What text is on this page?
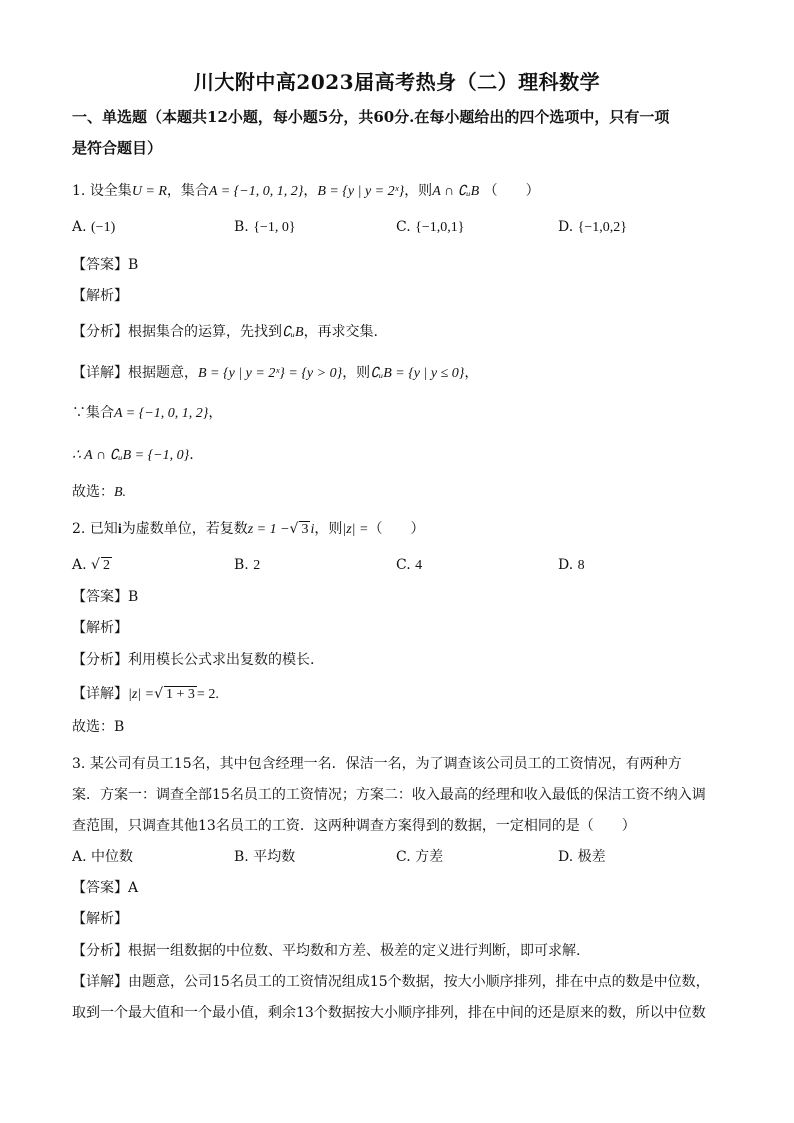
川大附中高2023届高考热身（二）理科数学
一、单选题（本题共12小题，每小题5分，共60分.在每小题给出的四个选项中，只有一项
是符合题目）
1. 设全集U = R，集合A = {−1, 0, 1, 2}，B = {y | y = 2ˣ}，则A ∩ ∁ᵤB （　　）
A. (−1)	B. {−1, 0}	C. {−1,0,1}	D. {−1,0,2}
【答案】B
【解析】
【分析】根据集合的运算，先找到∁ᵤB，再求交集.
【详解】根据题意，B = {y | y = 2ˣ} = {y > 0}，则∁ᵤB = {y | y ≤ 0}，
∵集合A = {−1, 0, 1, 2}，
∴ A ∩ ∁ᵤB = {−1, 0}.
故选：B.
2. 已知i为虚数单位，若复数z = 1 −√ 3 i，则|z| =（　　）
A. √ 2	B. 2	C. 4	D. 8
【答案】B
【解析】
【分析】利用模长公式求出复数的模长.
【详解】|z| =√ 1 + 3 = 2.
故选：B
3. 某公司有员工15名，其中包含经理一名．保洁一名，为了调查该公司员工的工资情况，有两种方
案．方案一：调查全部15名员工的工资情况；方案二：收入最高的经理和收入最低的保洁工资不纳入调
查范围，只调查其他13名员工的工资．这两种调查方案得到的数据，一定相同的是（　　）
A. 中位数	B. 平均数	C. 方差	D. 极差
【答案】A
【解析】
【分析】根据一组数据的中位数、平均数和方差、极差的定义进行判断，即可求解.
【详解】由题意，公司15名员工的工资情况组成15个数据，按大小顺序排列，排在中点的数是中位数，
取到一个最大值和一个最小值，剩余13个数据按大小顺序排列，排在中间的还是原来的数，所以中位数
